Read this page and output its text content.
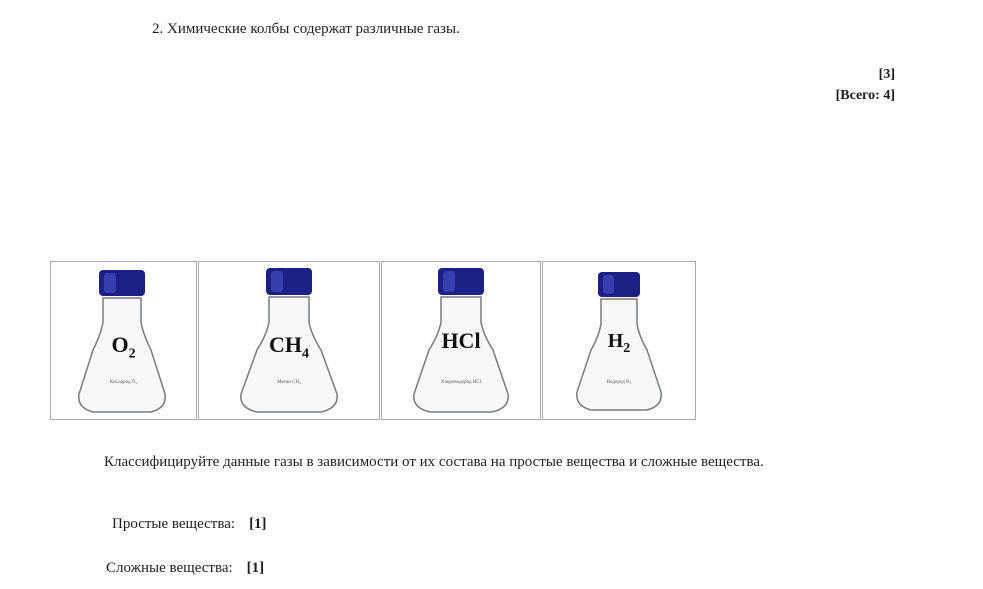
2. Химические колбы содержат различные газы.
[3]
[Всего: 4]
$O_2$
Кислород O₂
$CH_4$
Метан CH₄
HCl
Хлороводород HCl
$H_2$
Водород H₂
Классифицируйте данные газы в зависимости от их состава на простые вещества и сложные вещества.
Простые вещества: [1]
Сложные вещества: [1]
